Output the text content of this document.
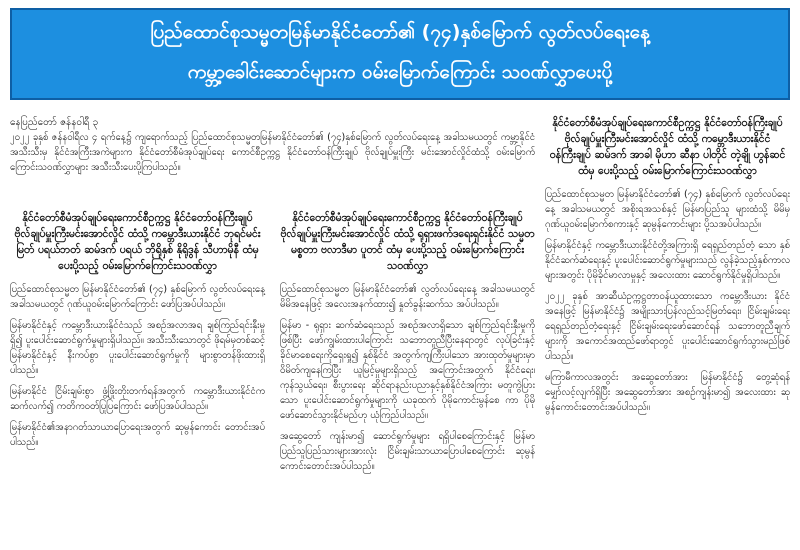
ပြည်ထောင်စုသမ္မတမြန်မာနိုင်ငံတော်၏ (၇၄)နှစ်မြောက် လွတ်လပ်ရေးနေ့
ကမ္ဘာ့ခေါင်းဆောင်များက ဝမ်းမြောက်ကြောင်း သဝဏ်လွှာပေးပို့
နေပြည်တော် ဇန်နဝါရီ ၃
၂၀၂၂ ခုနှစ် ဇန်နဝါရီလ ၄ ရက်နေ့၌ ကျရောက်သည့် ပြည်ထောင်စုသမ္မတမြန်မာနိုင်ငံတော်၏ (၇၄)နှစ်မြောက် လွတ်လပ်ရေးနေ့ အခါသမယတွင် ကမ္ဘာ့နိုင်ငံအသီးသီးမှ နိုင်ငံအကြီးအကဲများက နိုင်ငံတော်စီမံအုပ်ချုပ်ရေး ကောင်စီဥက္ကဋ္ဌ နိုင်ငံတော်ဝန်ကြီးချုပ် ဗိုလ်ချုပ်မှူးကြီး မင်းအောင်လှိုင်ထံသို့ ဝမ်းမြောက်ကြောင်းသဝဏ်လွှာများ အသီးသီးပေးပို့ကြပါသည်။
နိုင်ငံတော်စီမံအုပ်ချုပ်ရေးကောင်စီဥက္ကဋ္ဌ နိုင်ငံတော်ဝန်ကြီးချုပ် ဗိုလ်ချုပ်မှူးကြီးမင်းအောင်လှိုင် ထံသို့ ကမ္ဘောဒီးယားနိုင်ငံ ဘုရင်မင်းမြတ် ပရယ်ဘတ် ဆမ်ဒက် ပရယ် ဘိုရိုနှစ် နိုရိုဒွန် သီဟာမိုနီ ထံမှ ပေးပို့သည့် ဝမ်းမြောက်ကြောင်းသဝဏ်လွှာ

ပြည်ထောင်စုသမ္မတ မြန်မာနိုင်ငံတော်၏ (၇၄) နှစ်မြောက် လွတ်လပ်ရေးနေ့ အခါသမယတွင် ဂုဏ်ယူဝမ်းမြောက်ကြောင်း ဖော်ပြအပ်ပါသည်။

မြန်မာနိုင်ငံနှင့် ကမ္ဘောဒီးယားနိုင်ငံသည် အစဉ်အလာအရ ချစ်ကြည်ရင်းနှီးမှုရှိ၍ ပူးပေါင်းဆောင်ရွက်မှုများရှိပါသည်။ အသီးသီးသောတွင် ဖိုရမ်မှတစ်ဆင့် မြန်မာနိုင်ငံနှင့် နီးကပ်စွာ ပူးပေါင်းဆောင်ရွက်မှုကို များစွာတန်ဖိုးထားရှိပါသည်။

မြန်မာနိုင်ငံ ငြိမ်းချမ်းစွာ ဖွံ့ဖြိုးတိုးတက်ရန်အတွက် ကမ္ဘောဒီးယားနိုင်ငံက ဆက်လက်၍ ကတိကဝတ်ပြုပြကြောင်း ဖော်ပြအပ်ပါသည်။

မြန်မာနိုင်ငံ၏အနာဂတ်သာယာပြောရေးအတွက် ဆုမွန်ကောင်း တောင်းအပ်ပါသည်။

နိုင်ငံတော်စီမံအုပ်ချုပ်ရေးကောင်စီဥက္ကဋ္ဌ နိုင်ငံတော်ဝန်ကြီးချုပ် ဗိုလ်ချုပ်မှူးကြီးမင်းအောင်လှိုင် ထံသို့ ရုရှားဖက်ဒရေးရှင်းနိုင်ငံ သမ္မတ မစ္စတာ ဗလာဒီမာ ပူတင် ထံမှ ပေးပို့သည့် ဝမ်းမြောက်ကြောင်းသဝဏ်လွှာ

ပြည်ထောင်စုသမ္မတ မြန်မာနိုင်ငံတော်၏ လွတ်လပ်ရေးနေ့ အခါသမယတွင် မိမိအနေဖြင့် အလေးအနက်ထား၍ နှုတ်ခွန်းဆက်သ အပ်ပါသည်။

မြန်မာ - ရုရှား ဆက်ဆံရေးသည် အစဉ်အလာရှိသော ချစ်ကြည်ရင်းနှီးမှုကိုဖြစ်ပြီး ဖော်ကျွမ်းထားပါကြောင်း သဘောတူညီပြီးနေရာတွင် လုပ်ခြင်းနှင့် ခိုင်မာစေရေးကိုရှေးရှု၍ နှစ်နိုင်ငံ အတွက်ကျကြီးပါသော အားထုတ်မှုများမှာ ဝိမိတ်ကျနေကြပြီး ယူမြင့်မှုများရှိသည့် အကြောင်းအတွက် နိုင်ငံရေး၊ ကုန်သွယ်ရေး၊ စီးပွားရေး ဆိုင်ရာနည်းပညာနှင့်နှစ်နိုင်ငံအကြား မတူကွဲပြားသော ပူးပေါင်းဆောင်ရွက်မှုများကို ယခုထက် ပိုမိုကောင်းမွန်စေ ကာ ပိုမိုဖော်ဆောင်သွားနိုင်မည်ဟု ယုံကြည်ပါသည်။

အဆွေတော် ကျန်းမာ၍ ဆောင်ရွက်မှုများ ရရှိပါစေကြောင်းနှင့် မြန်မာပြည်သူပြည်သားများအားလုံး ငြိမ်းချမ်းသာယာပြောပါစေကြောင်း ဆုမွန်ကောင်းတောင်းအပ်ပါသည်။

နိုင်ငံတော်စီမံအုပ်ချုပ်ရေးကောင်စီဥက္ကဋ္ဌ နိုင်ငံတော်ဝန်ကြီးချုပ် ဗိုလ်ချုပ်မှူးကြီးမင်းအောင်လှိုင် ထံသို့ ကမ္ဘောဒီးယားနိုင်ငံ ဝန်ကြီးချုပ် ဆမ်ဒက် အာခါ မိုဟာ ဆီနာ ပါတိုင် တဲ့ချို ဟွန်ဆင် ထံမှ ပေးပို့သည့် ဝမ်းမြောက်ကြောင်းသဝဏ်လွှာ

ပြည်ထောင်စုသမ္မတ မြန်မာနိုင်ငံတော်၏ (၇၄) နှစ်မြောက် လွတ်လပ်ရေးနေ့ အခါသမယတွင် အစိုးရအသစ်နှင့် မြန်မာပြည်သူ များထံသို့ မိမိမှ ဂုဏ်ယူဝမ်းမြောက်စကားနှင့် ဆုမွန်ကောင်းများ ပို့သအပ်ပါသည်။

မြန်မာနိုင်ငံနှင့် ကမ္ဘောဒီးယားနိုင်ငံတို့အကြားရှိ ရေရှည်တည်တံ့ သော နှစ်နိုင်ငံဆက်ဆံရေးနှင့် ပူးပေါင်းဆောင်ရွက်မှုများသည် လွန်ခဲ့သည့်နှစ်ကာလများအတွင်း ပိုမိုခိုင်မာလာမှုနှင့် အလေးထား ဆောင်ရွက်နိုင်မှုရှိပါသည်။

၂၀၂၂ ခုနှစ် အာဆီယံဥက္ကဋ္ဌတာဝန်ယူထားသော ကမ္ဘောဒီးယား နိုင်ငံအနေဖြင့် မြန်မာနိုင်ငံ၌ အမျိုးသားပြန်လည်သင့်မြတ်ရေး၊ ငြိမ်းချမ်းရေး ရေရှည်တည်တံ့ရေးနှင့် ငြိမ်းချမ်းရေးဖော်ဆောင်ရန် သဘောတူညီချက်များကို အကောင်အထည်ဖော်ရာတွင် ပူးပေါင်းဆောင်ရွက်သွားမည်ဖြစ်ပါသည်။

မကြာမီကာလအတွင်း အဆွေတော်အား မြန်မာနိုင်ငံ၌ တွေ့ဆုံရန် မျှော်လင့်လျက်ရှိပြီး အဆွေတော်အား အစဉ်ကျန်းမာ၍ အလေးထား ဆုမွန်ကောင်းတောင်းအပ်ပါသည်။
